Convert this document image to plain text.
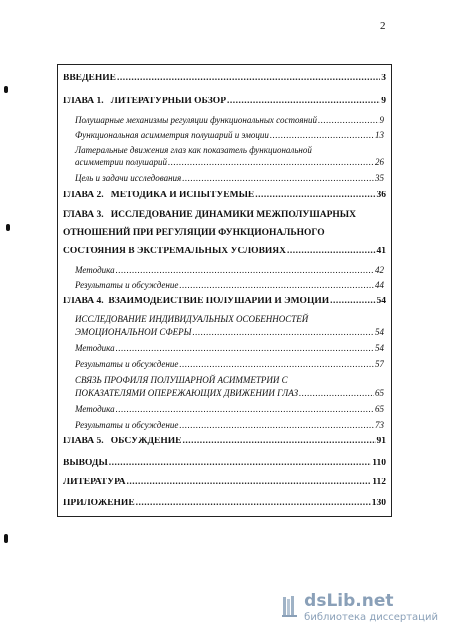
2
ВВЕДЕНИЕ .....	3
ГЛАВА 1.   ЛИТЕРАТУРНЫЙ ОБЗОР .....	9
Полушарные механизмы регуляции функциональных состояний .....	9
Функциональная асимметрия полушарий и эмоции .....	13
Латеральные движения глаз как показатель функциональной
асимметрии полушарий .....	26
Цель и задачи исследования .....	35
ГЛАВА 2.   МЕТОДИКА И ИСПЫТУЕМЫЕ .....	36
ГЛАВА 3.   ИССЛЕДОВАНИЕ ДИНАМИКИ МЕЖПОЛУШАРНЫХ
ОТНОШЕНИЙ ПРИ РЕГУЛЯЦИИ ФУНКЦИОНАЛЬНОГО
СОСТОЯНИЯ В ЭКСТРЕМАЛЬНЫХ УСЛОВИЯХ .....	41
Методика .....	42
Результаты и обсуждение .....	44
ГЛАВА 4.  ВЗАИМОДЕЙСТВИЕ ПОЛУШАРИЙ И ЭМОЦИИ .....	54
ИССЛЕДОВАНИЕ ИНДИВИДУАЛЬНЫХ ОСОБЕННОСТЕЙ
ЭМОЦИОНАЛЬНОЙ СФЕРЫ .....	54
Методика .....	54
Результаты и обсуждение .....	57
СВЯЗЬ ПРОФИЛЯ ПОЛУШАРНОЙ АСИММЕТРИИ С
ПОКАЗАТЕЛЯМИ ОПЕРЕЖАЮЩИХ ДВИЖЕНИЙ ГЛАЗ .....	65
Методика .....	65
Результаты и обсуждение .....	73
ГЛАВА 5.   ОБСУЖДЕНИЕ .....	91
ВЫВОДЫ .....	110
ЛИТЕРАТУРА .....	112
ПРИЛОЖЕНИЕ .....	130
dsLib.net
библиотека диссертаций
